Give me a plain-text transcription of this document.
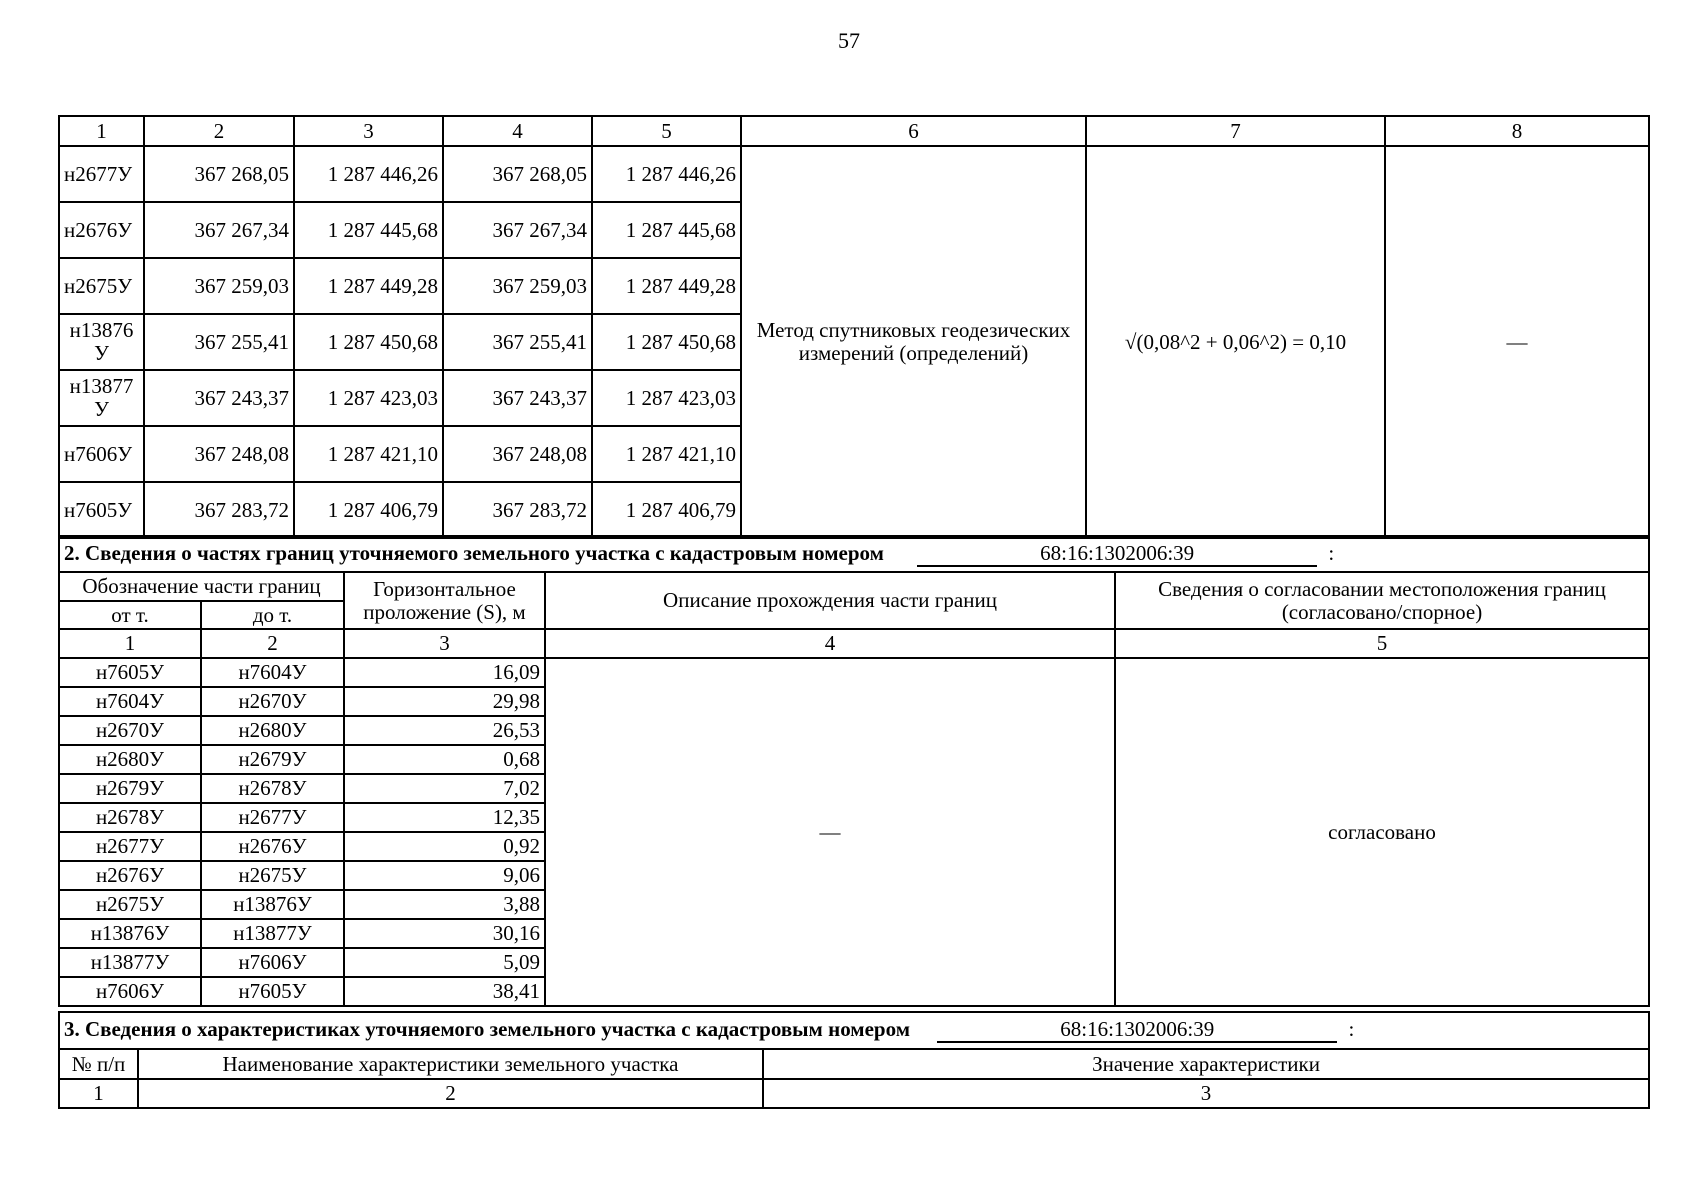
57
1	2	3	4	5	6	7	8
н2677У	367 268,05	1 287 446,26	367 268,05	1 287 446,26	Метод спутниковых геодезических измерений (определений)	√(0,08^2 + 0,06^2) = 0,10	—
н2676У	367 267,34	1 287 445,68	367 267,34	1 287 445,68			
н2675У	367 259,03	1 287 449,28	367 259,03	1 287 449,28			
н13876 У	367 255,41	1 287 450,68	367 255,41	1 287 450,68			
н13877 У	367 243,37	1 287 423,03	367 243,37	1 287 423,03			
н7606У	367 248,08	1 287 421,10	367 248,08	1 287 421,10			
н7605У	367 283,72	1 287 406,79	367 283,72	1 287 406,79			
2. Сведения о частях границ уточняемого земельного участка с кадастровым номером 68:16:1302006:39 :				
Обозначение части границ		Горизонтальное проложение (S), м	Описание прохождения части границ	Сведения о согласовании местоположения границ (согласовано/спорное)
от т.	до т.			
1	2	3	4	5
н7605У	н7604У	16,09	—	согласовано
н7604У	н2670У	29,98		
н2670У	н2680У	26,53		
н2680У	н2679У	0,68		
н2679У	н2678У	7,02		
н2678У	н2677У	12,35		
н2677У	н2676У	0,92		
н2676У	н2675У	9,06		
н2675У	н13876У	3,88		
н13876У	н13877У	30,16		
н13877У	н7606У	5,09		
н7606У	н7605У	38,41		
3. Сведения о характеристиках уточняемого земельного участка с кадастровым номером 68:16:1302006:39 :		
№ п/п	Наименование характеристики земельного участка	Значение характеристики
1	2	3
